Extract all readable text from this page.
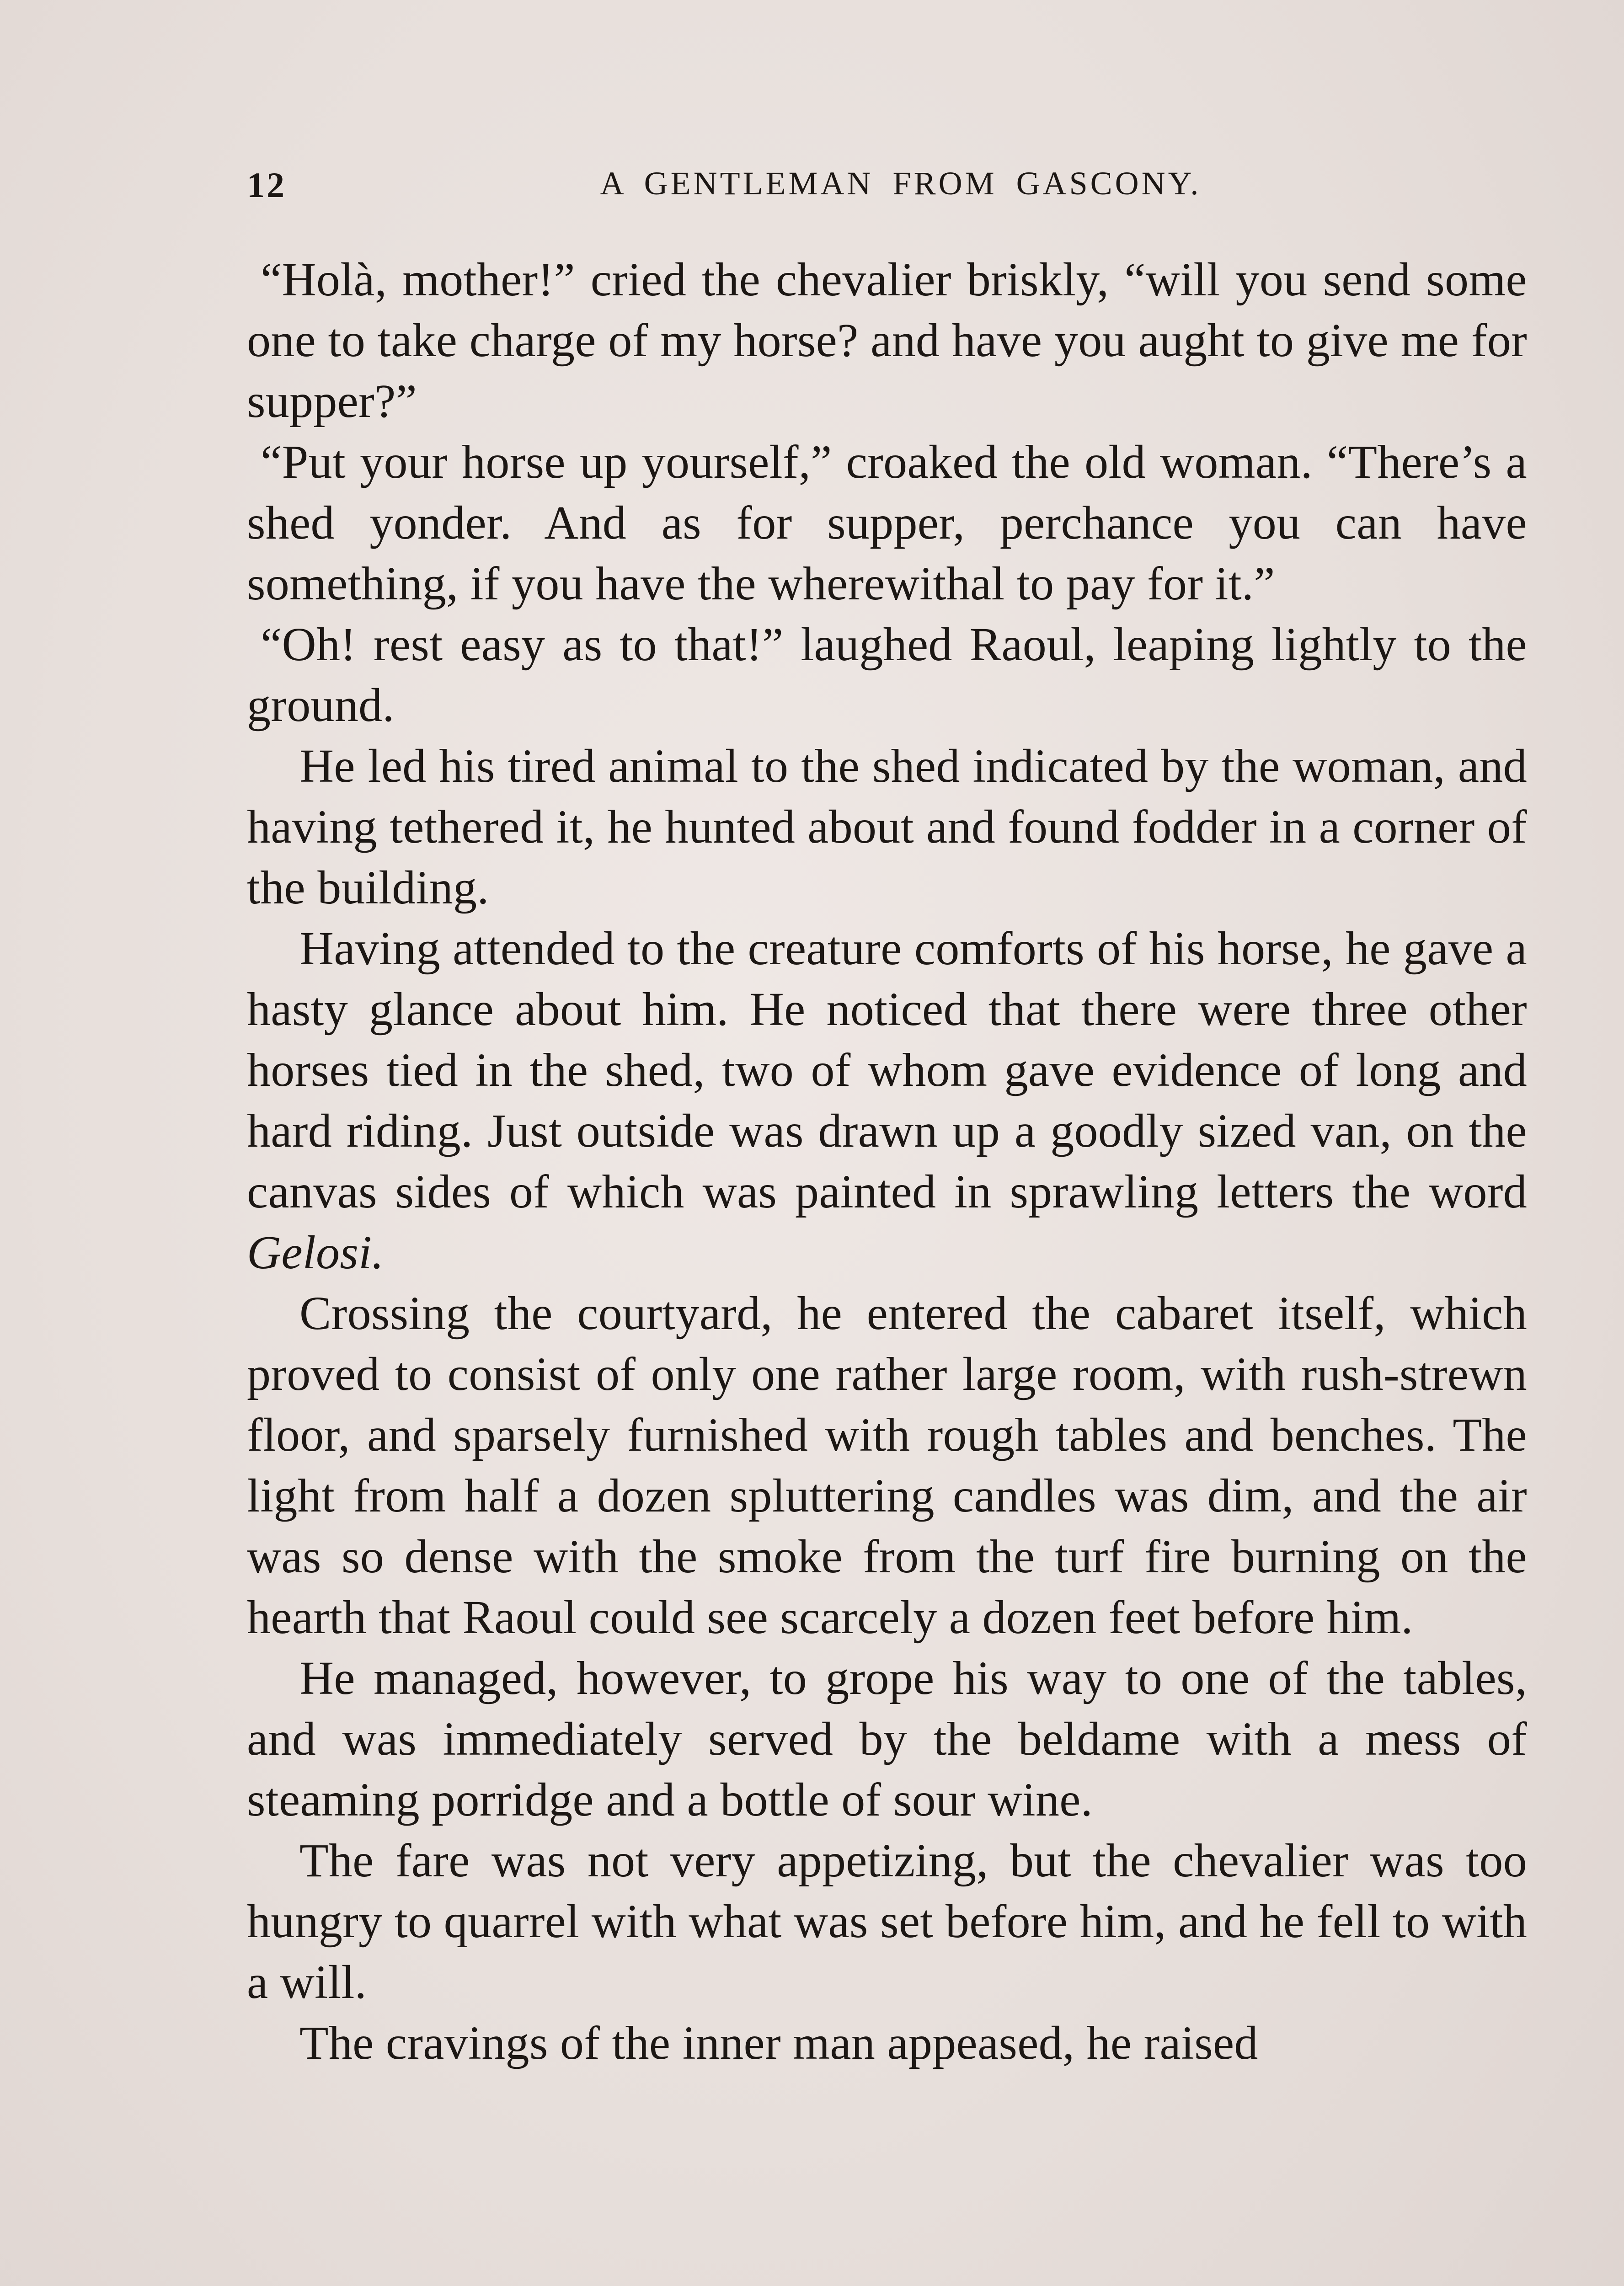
12	A GENTLEMAN FROM GASCONY.

“Holà, mother!” cried the chevalier briskly, “will you send some one to take charge of my horse? and have you aught to give me for supper?”

“Put your horse up yourself,” croaked the old woman. “There’s a shed yonder. And as for supper, perchance you can have something, if you have the wherewithal to pay for it.”

“Oh! rest easy as to that!” laughed Raoul, leaping lightly to the ground.

He led his tired animal to the shed indicated by the woman, and having tethered it, he hunted about and found fodder in a corner of the building.

Having attended to the creature comforts of his horse, he gave a hasty glance about him. He noticed that there were three other horses tied in the shed, two of whom gave evidence of long and hard riding. Just outside was drawn up a goodly sized van, on the canvas sides of which was painted in sprawling letters the word Gelosi.

Crossing the courtyard, he entered the cabaret itself, which proved to consist of only one rather large room, with rush-strewn floor, and sparsely furnished with rough tables and benches. The light from half a dozen spluttering candles was dim, and the air was so dense with the smoke from the turf fire burning on the hearth that Raoul could see scarcely a dozen feet before him.

He managed, however, to grope his way to one of the tables, and was immediately served by the beldame with a mess of steaming porridge and a bottle of sour wine.

The fare was not very appetizing, but the chevalier was too hungry to quarrel with what was set before him, and he fell to with a will.

The cravings of the inner man appeased, he raised
